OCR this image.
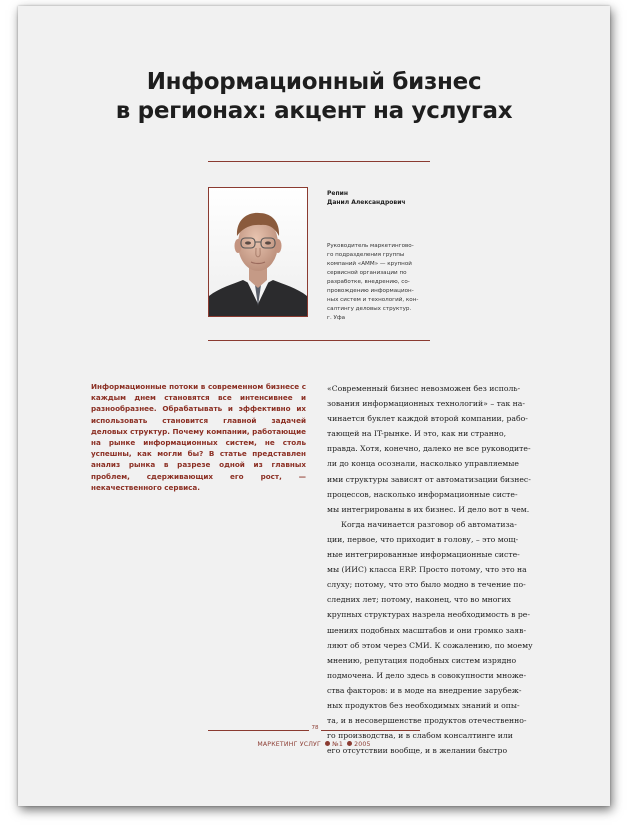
Информационный бизнес
в регионах: акцент на услугах
Репин
Данил Александрович
Руководитель маркетингово-
го подразделения группы
компаний «АММ» — крупной
сервисной организации по
разработке, внедрению, со-
провождению информацион-
ных систем и технологий, кон-
салтингу деловых структур.
г. Уфа
Информационные потоки в современном бизнесе с каждым днем становятся все интенсивнее и разнообразнее. Обрабатывать и эффективно их использовать становится главной задачей деловых структур. Почему компании, работающие на рынке информационных систем, не столь успешны, как могли бы? В статье представлен анализ рынка в разрезе одной из главных проблем, сдерживающих его рост, — некачественного сервиса.
«Современный бизнес невозможен без исполь-
зования информационных технологий» – так на-
чинается буклет каждой второй компании, рабо-
тающей на IT-рынке. И это, как ни странно,
правда. Хотя, конечно, далеко не все руководите-
ли до конца осознали, насколько управляемые
ими структуры зависят от автоматизации бизнес-
процессов, насколько информационные систе-
мы интегрированы в их бизнес. И дело вот в чем.
Когда начинается разговор об автоматиза-
ции, первое, что приходит в голову, – это мощ-
ные интегрированные информационные систе-
мы (ИИС) класса ERP. Просто потому, что это на
слуху; потому, что это было модно в течение по-
следних лет; потому, наконец, что во многих
крупных структурах назрела необходимость в ре-
шениях подобных масштабов и они громко заяв-
ляют об этом через СМИ. К сожалению, по моему
мнению, репутация подобных систем изрядно
подмочена. И дело здесь в совокупности множе-
ства факторов: и в моде на внедрение зарубеж-
ных продуктов без необходимых знаний и опы-
та, и в несовершенстве продуктов отечественно-
го производства, и в слабом консалтинге или
его отсутствии вообще, и в желании быстро
78
МАРКЕТИНГ УСЛУГ №1 2005
